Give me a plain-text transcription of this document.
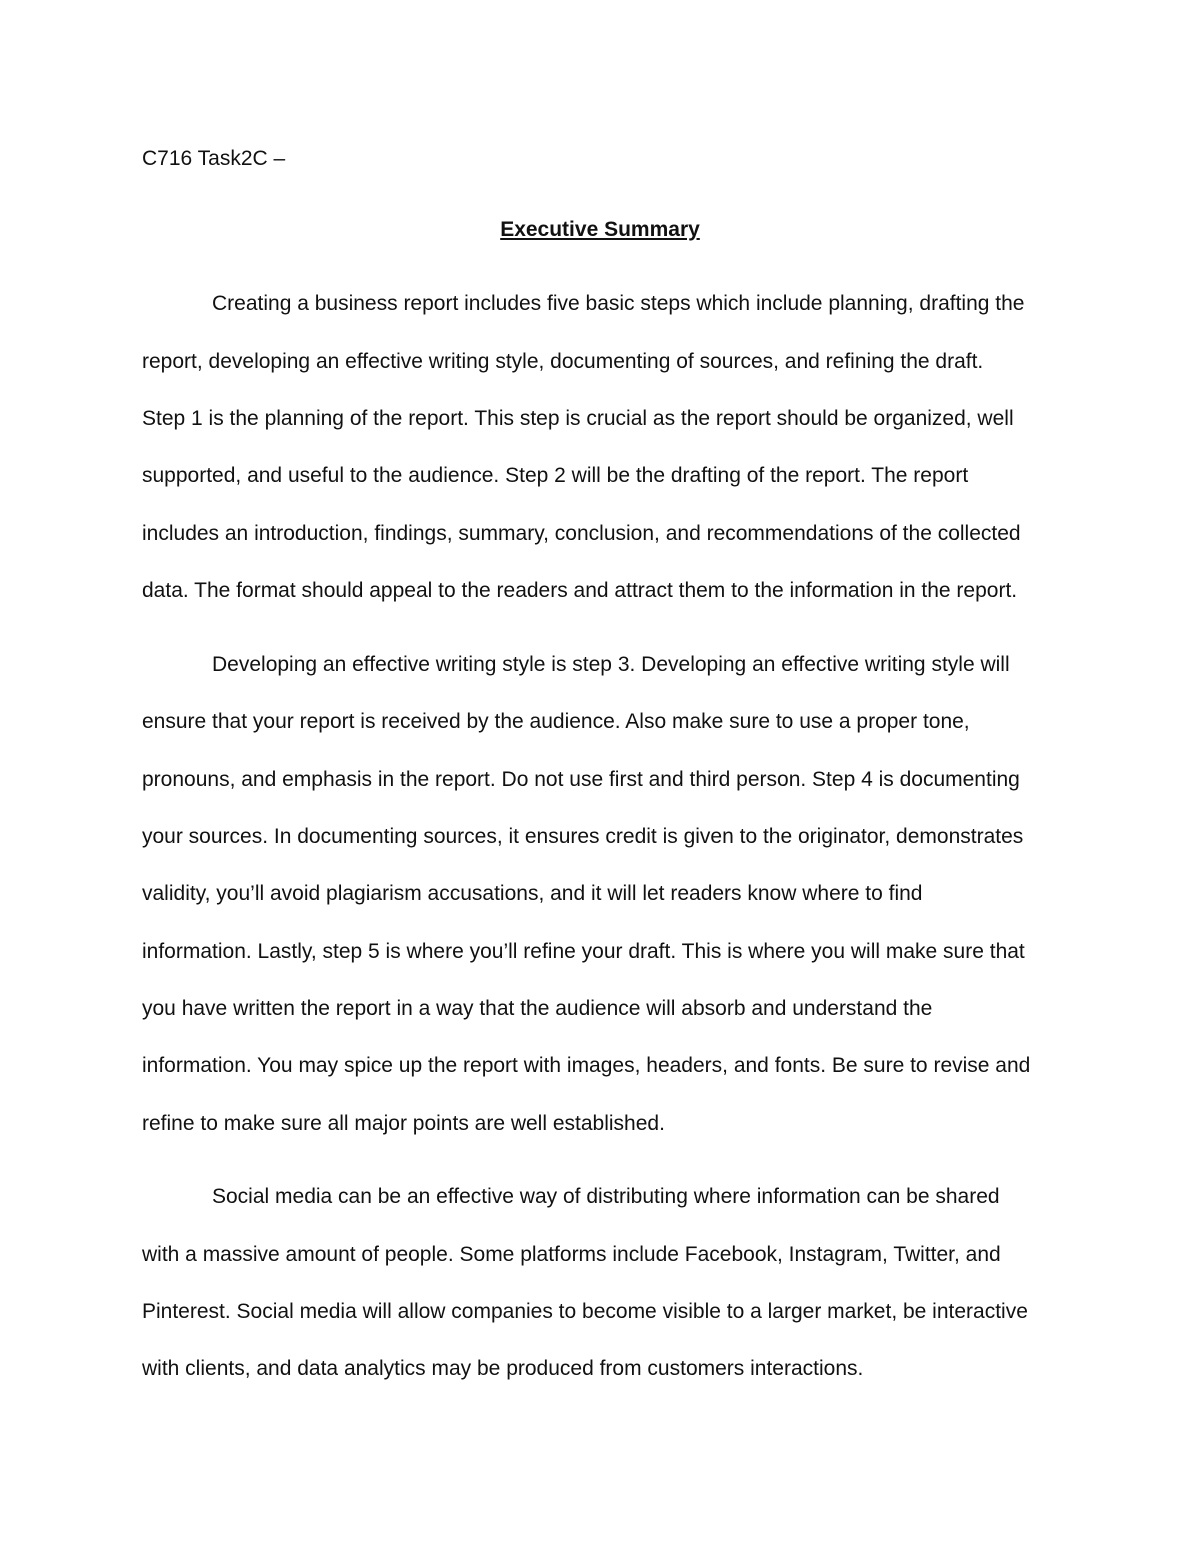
C716 Task2C –
Executive Summary
Creating a business report includes five basic steps which include planning, drafting the
report, developing an effective writing style, documenting of sources, and refining the draft.
Step 1 is the planning of the report. This step is crucial as the report should be organized, well
supported, and useful to the audience. Step 2 will be the drafting of the report. The report
includes an introduction, findings, summary, conclusion, and recommendations of the collected
data. The format should appeal to the readers and attract them to the information in the report.
Developing an effective writing style is step 3. Developing an effective writing style will
ensure that your report is received by the audience. Also make sure to use a proper tone,
pronouns, and emphasis in the report. Do not use first and third person. Step 4 is documenting
your sources. In documenting sources, it ensures credit is given to the originator, demonstrates
validity, you’ll avoid plagiarism accusations, and it will let readers know where to find
information. Lastly, step 5 is where you’ll refine your draft. This is where you will make sure that
you have written the report in a way that the audience will absorb and understand the
information. You may spice up the report with images, headers, and fonts. Be sure to revise and
refine to make sure all major points are well established.
Social media can be an effective way of distributing where information can be shared
with a massive amount of people. Some platforms include Facebook, Instagram, Twitter, and
Pinterest. Social media will allow companies to become visible to a larger market, be interactive
with clients, and data analytics may be produced from customers interactions.
